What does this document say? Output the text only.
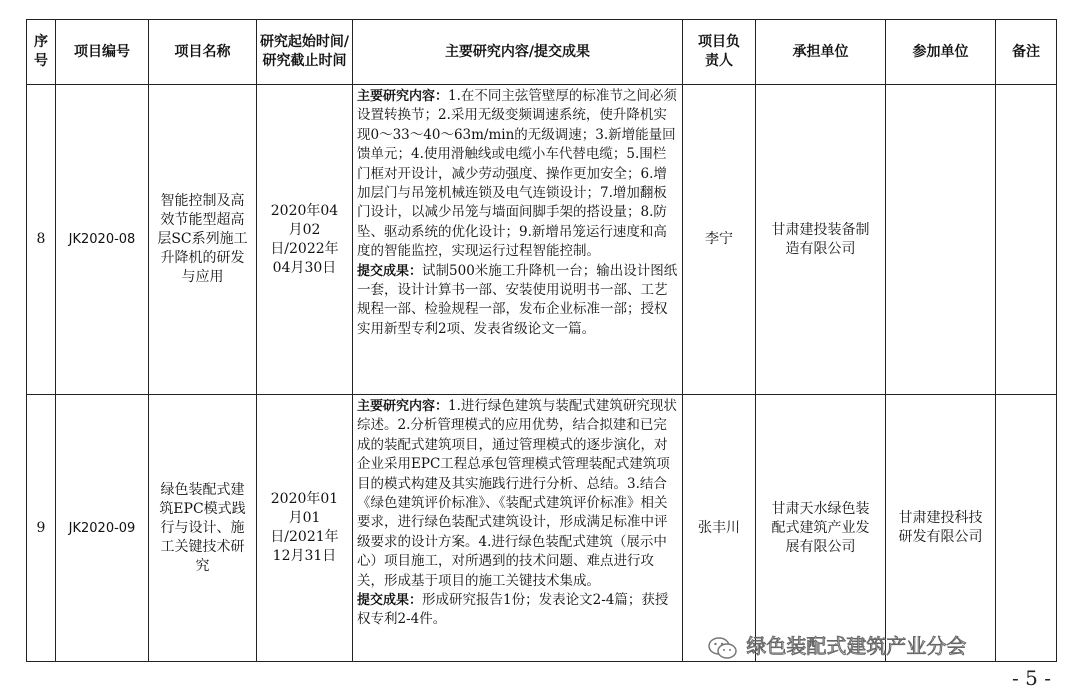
序号	项目编号	项目名称	研究起始时间/研究截止时间	主要研究内容/提交成果	项目负责人	承担单位	参加单位	备注
8	JK2020-08	智能控制及高效节能型超高层SC系列施工升降机的研发与应用	2020年04月02日/2022年04月30日	主要研究内容：1.在不同主弦管壁厚的标准节之间必须设置转换节；2.采用无级变频调速系统，使升降机实现0～33～40～63m/min的无级调速；3.新增能量回馈单元；4.使用滑触线或电缆小车代替电缆；5.围栏门框对开设计，减少劳动强度、操作更加安全；6.增加层门与吊笼机械连锁及电气连锁设计；7.增加翻板门设计，以减少吊笼与墙面间脚手架的搭设量；8.防坠、驱动系统的优化设计；9.新增吊笼运行速度和高度的智能监控，实现运行过程智能控制。

提交成果：试制500米施工升降机一台；输出设计图纸一套，设计计算书一部、安装使用说明书一部、工艺规程一部、检验规程一部，发布企业标准一部；授权实用新型专利2项、发表省级论文一篇。	李宁	甘肃建投装备制造有限公司		
9	JK2020-09	绿色装配式建筑EPC模式践行与设计、施工关键技术研究	2020年01月01日/2021年12月31日	主要研究内容：1.进行绿色建筑与装配式建筑研究现状综述。2.分析管理模式的应用优势，结合拟建和已完成的装配式建筑项目，通过管理模式的逐步演化，对企业采用EPC工程总承包管理模式管理装配式建筑项目的模式构建及其实施践行进行分析、总结。3.结合《绿色建筑评价标准》、《装配式建筑评价标准》相关要求，进行绿色装配式建筑设计，形成满足标准中评级要求的设计方案。4.进行绿色装配式建筑（展示中心）项目施工，对所遇到的技术问题、难点进行攻关，形成基于项目的施工关键技术集成。

提交成果：形成研究报告1份；发表论文2-4篇；获授权专利2-4件。	张丰川	甘肃天水绿色装配式建筑产业发展有限公司	甘肃建投科技研发有限公司	
绿色装配式建筑产业分会
- 5 -
